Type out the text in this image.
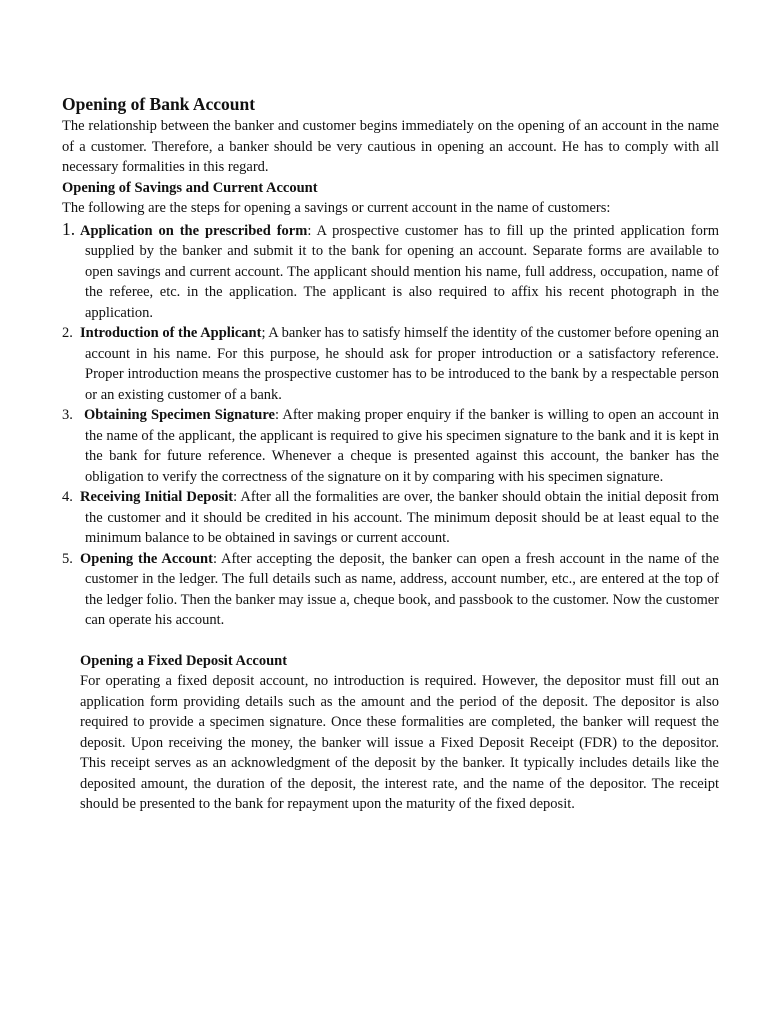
Opening of Bank Account

The relationship between the banker and customer begins immediately on the opening of an account in the name of a customer. Therefore, a banker should be very cautious in opening an account. He has to comply with all necessary formalities in this regard.

Opening of Savings and Current Account

The following are the steps for opening a savings or current account in the name of customers:

1. Application on the prescribed form: A prospective customer has to fill up the printed application form supplied by the banker and submit it to the bank for opening an account. Separate forms are available to open savings and current account. The applicant should mention his name, full address, occupation, name of the referee, etc. in the application. The applicant is also required to affix his recent photograph in the application.
2. Introduction of the Applicant; A banker has to satisfy himself the identity of the customer before opening an account in his name. For this purpose, he should ask for proper introduction or a satisfactory reference. Proper introduction means the prospective customer has to be introduced to the bank by a respectable person or an existing customer of a bank.
3. Obtaining Specimen Signature: After making proper enquiry if the banker is willing to open an account in the name of the applicant, the applicant is required to give his specimen signature to the bank and it is kept in the bank for future reference. Whenever a cheque is presented against this account, the banker has the obligation to verify the correctness of the signature on it by comparing with his specimen signature.
4. Receiving Initial Deposit: After all the formalities are over, the banker should obtain the initial deposit from the customer and it should be credited in his account. The minimum deposit should be at least equal to the minimum balance to be obtained in savings or current account.
5. Opening the Account: After accepting the deposit, the banker can open a fresh account in the name of the customer in the ledger. The full details such as name, address, account number, etc., are entered at the top of the ledger folio. Then the banker may issue a, cheque book, and passbook to the customer. Now the customer can operate his account.

Opening a Fixed Deposit Account

For operating a fixed deposit account, no introduction is required. However, the depositor must fill out an application form providing details such as the amount and the period of the deposit. The depositor is also required to provide a specimen signature. Once these formalities are completed, the banker will request the deposit. Upon receiving the money, the banker will issue a Fixed Deposit Receipt (FDR) to the depositor. This receipt serves as an acknowledgment of the deposit by the banker. It typically includes details like the deposited amount, the duration of the deposit, the interest rate, and the name of the depositor. The receipt should be presented to the bank for repayment upon the maturity of the fixed deposit.
